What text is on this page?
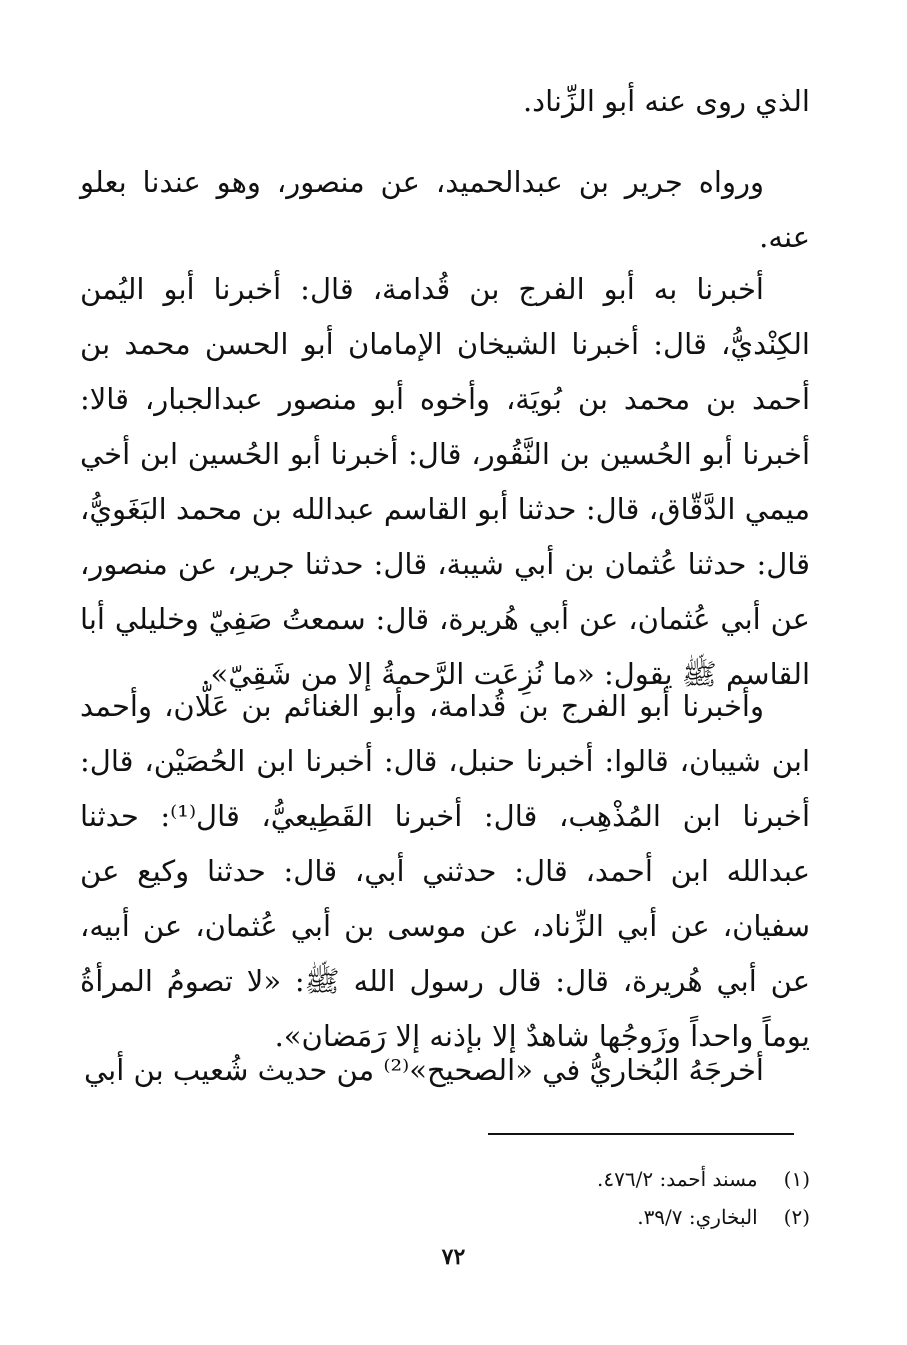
الذي روى عنه أبو الزِّناد.

ورواه جرير بن عبدالحميد، عن منصور، وهو عندنا بعلو عنه.

أخبرنا به أبو الفرج بن قُدامة، قال: أخبرنا أبو اليُمن الكِنْديُّ، قال: أخبرنا الشيخان الإمامان أبو الحسن محمد بن أحمد بن محمد بن بُويَة، وأخوه أبو منصور عبدالجبار، قالا: أخبرنا أبو الحُسين بن النَّقُور، قال: أخبرنا أبو الحُسين ابن أخي ميمي الدَّقّاق، قال: حدثنا أبو القاسم عبدالله بن محمد البَغَويُّ، قال: حدثنا عُثمان بن أبي شيبة، قال: حدثنا جرير، عن منصور، عن أبي عُثمان، عن أبي هُريرة، قال: سمعتُ صَفِيّ وخليلي أبا القاسم ﷺ يقول: «ما نُزِعَت الرَّحمةُ إلا من شَقِيّ».

وأخبرنا أبو الفرج بن قُدامة، وأبو الغنائم بن عَلّان، وأحمد ابن شيبان، قالوا: أخبرنا حنبل، قال: أخبرنا ابن الحُصَيْن، قال: أخبرنا ابن المُذْهِب، قال: أخبرنا القَطِيعيُّ، قال⁽¹⁾: حدثنا عبدالله ابن أحمد، قال: حدثني أبي، قال: حدثنا وكيع عن سفيان، عن أبي الزِّناد، عن موسى بن أبي عُثمان، عن أبيه، عن أبي هُريرة، قال: قال رسول الله ﷺ: «لا تصومُ المرأةُ يوماً واحداً وزَوجُها شاهدٌ إلا بإذنه إلا رَمَضان».

أخرجَهُ البُخاريُّ في «الصحيح»⁽²⁾ من حديث شُعيب بن أبي

(١) مسند أحمد: ٤٧٦/٢.
(٢) البخاري: ٣٩/٧.
٧٢
